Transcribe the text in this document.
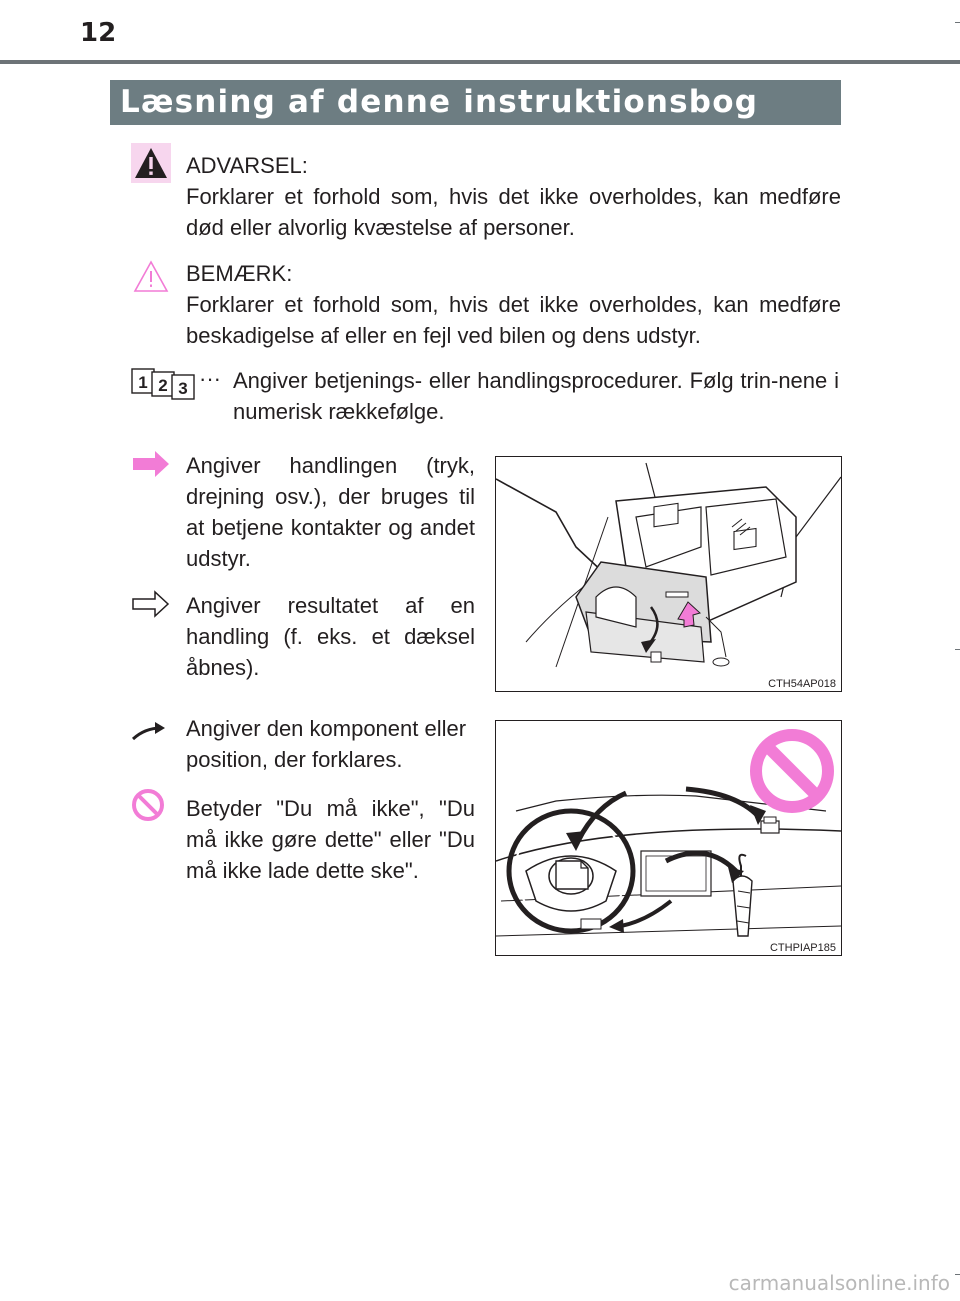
12
Læsning af denne instruktionsbog
ADVARSEL:
Forklarer et forhold som, hvis det ikke overholdes, kan medføre død eller alvorlig kvæstelse af personer.
BEMÆRK:
Forklarer et forhold som, hvis det ikke overholdes, kan medføre beskadigelse af eller en fejl ved bilen og dens udstyr.
1 2 3 ··· Angiver betjenings- eller handlingsprocedurer. Følg trin-nene i numerisk rækkefølge.
Angiver handlingen (tryk, drejning osv.), der bruges til at betjene kontakter og andet udstyr.
Angiver resultatet af en handling (f. eks. et dæksel åbnes).
CTH54AP018
Angiver den komponent eller position, der forklares.
Betyder "Du må ikke", "Du må ikke gøre dette" eller "Du må ikke lade dette ske".
CTHPIAP185
carmanualsonline.info
